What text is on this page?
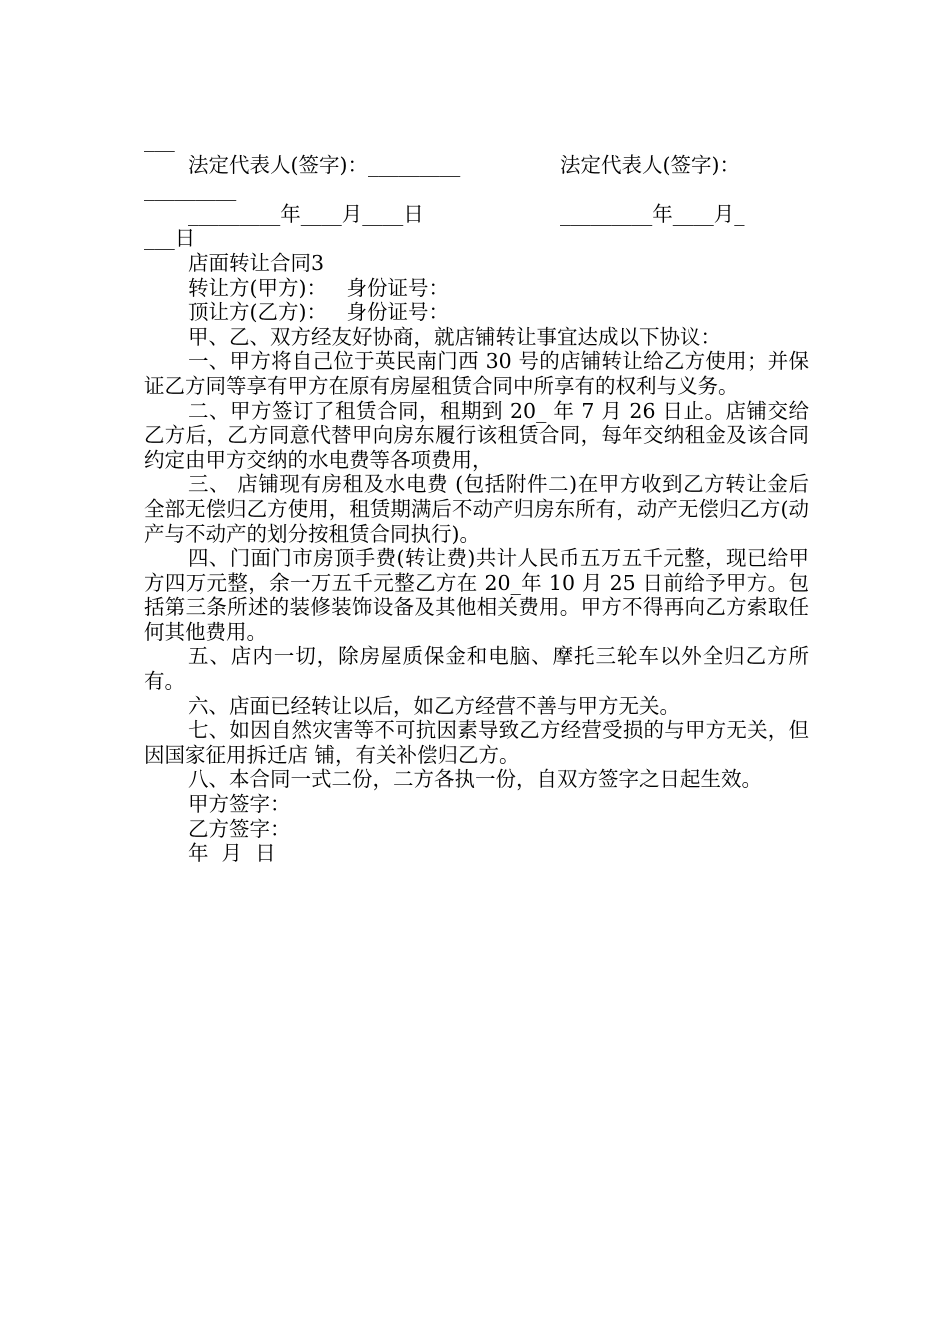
___
法定代表人(签字)：_________	法定代表人(签字)：
_________
_________年____月____日	_________年____月_
___日
店面转让合同3
转让方(甲方)：   身份证号：
顶让方(乙方)：   身份证号：
甲、乙、双方经友好协商，就店铺转让事宜达成以下协议：

一、甲方将自己位于英民南门西 30 号的店铺转让给乙方使用；并保证乙方同等享有甲方在原有房屋租赁合同中所享有的权利与义务。

二、甲方签订了租赁合同，租期到 20_ 年 7 月 26 日止。店铺交给乙方后，乙方同意代替甲向房东履行该租赁合同，每年交纳租金及该合同约定由甲方交纳的水电费等各项费用，

三、 店铺现有房租及水电费 (包括附件二)在甲方收到乙方转让金后全部无偿归乙方使用，租赁期满后不动产归房东所有，动产无偿归乙方(动产与不动产的划分按租赁合同执行)。

四、门面门市房顶手费(转让费)共计人民币五万五千元整，现已给甲方四万元整，余一万五千元整乙方在 20_年 10 月 25 日前给予甲方。包括第三条所述的装修装饰设备及其他相关费用。甲方不得再向乙方索取任何其他费用。

五、店内一切，除房屋质保金和电脑、摩托三轮车以外全归乙方所有。

六、店面已经转让以后，如乙方经营不善与甲方无关。

七、如因自然灾害等不可抗因素导致乙方经营受损的与甲方无关，但因国家征用拆迁店 铺，有关补偿归乙方。

八、本合同一式二份，二方各执一份，自双方签字之日起生效。

甲方签字：
乙方签字：
年  月  日
